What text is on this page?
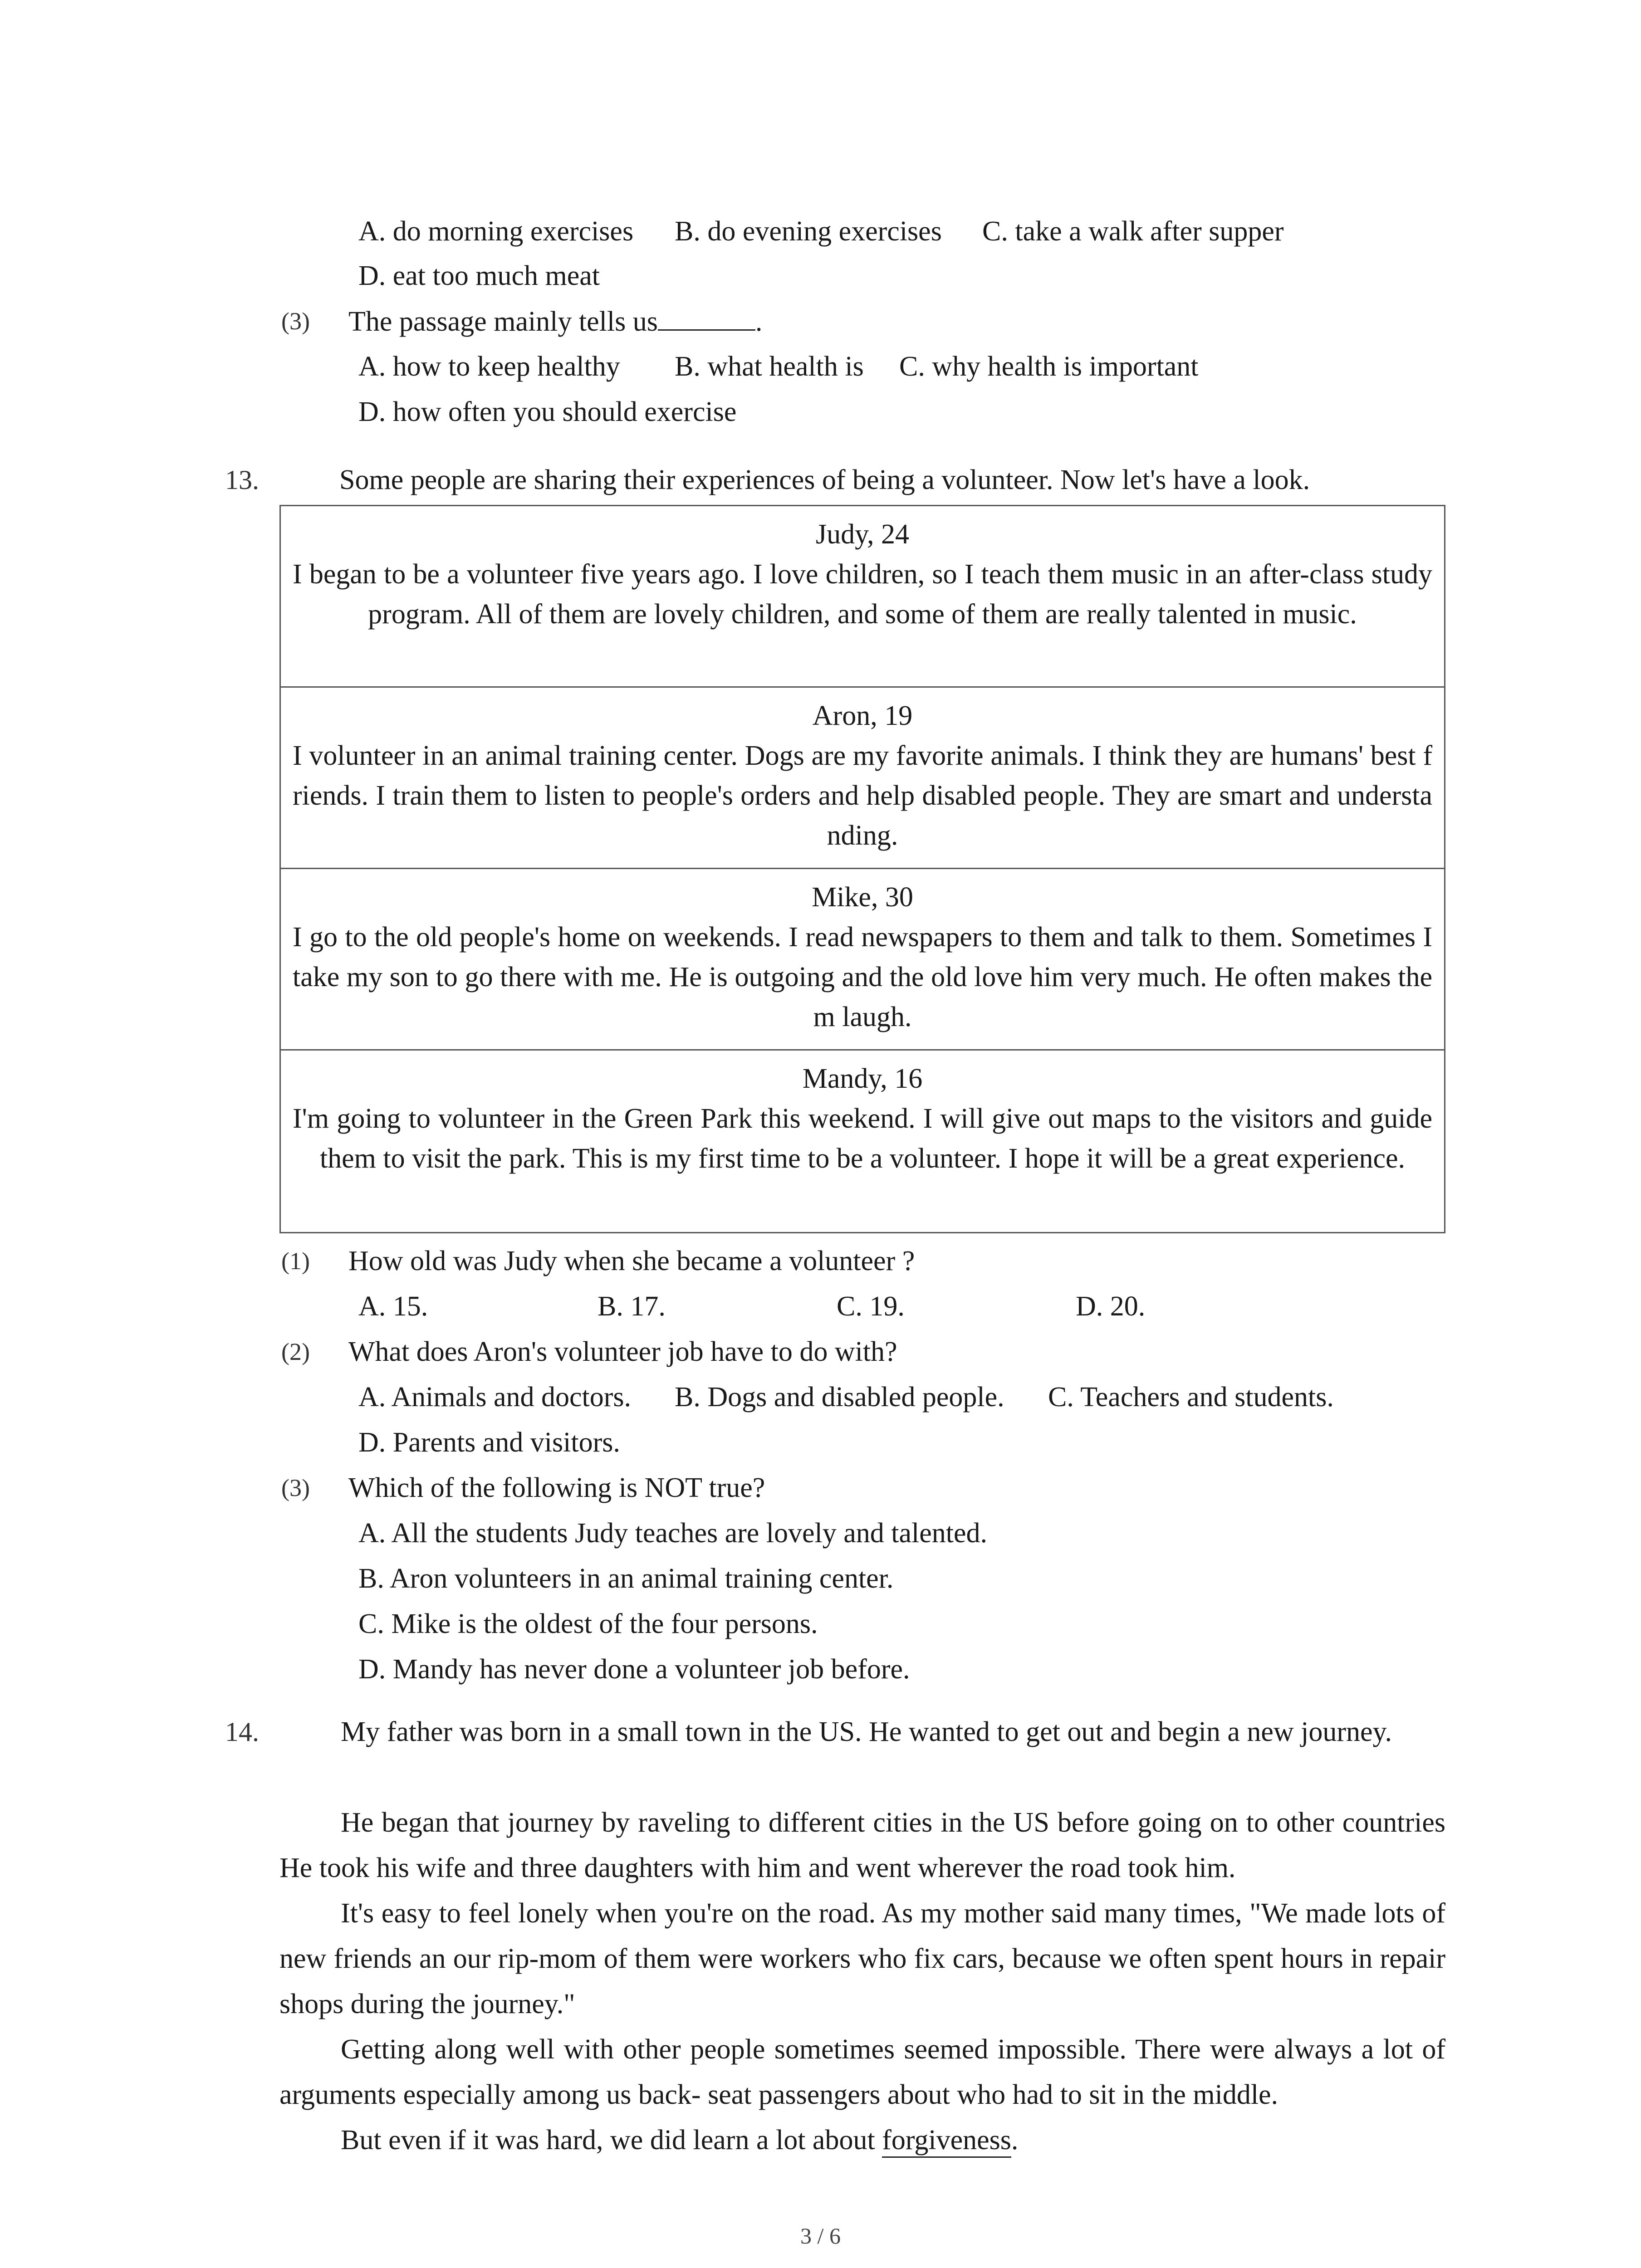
A. do morning exercises B. do evening exercises C. take a walk after supper
D. eat too much meat
(3) The passage mainly tells us	.
A. how to keep healthy B. what health is C. why health is important
D. how often you should exercise
13.	Some people are sharing their experiences of being a volunteer. Now let's have a look.
Judy, 24
I began to be a volunteer five years ago. I love children, so I teach them music in an after-class study program. All of them are lovely children, and some of them are really talented in music.
Aron, 19
I volunteer in an animal training center. Dogs are my favorite animals. I think they are humans' best friends. I train them to listen to people's orders and help disabled people. They are smart and understanding.
Mike, 30
I go to the old people's home on weekends. I read newspapers to them and talk to them. Sometimes I take my son to go there with me. He is outgoing and the old love him very much. He often makes them laugh.
Mandy, 16
I'm going to volunteer in the Green Park this weekend. I will give out maps to the visitors and guide them to visit the park. This is my first time to be a volunteer. I hope it will be a great experience.
(1) How old was Judy when she became a volunteer ?
A. 15.	B. 17.	C. 19.	D. 20.
(2) What does Aron's volunteer job have to do with?
A. Animals and doctors. B. Dogs and disabled people. C. Teachers and students.
D. Parents and visitors.
(3) Which of the following is NOT true?
A. All the students Judy teaches are lovely and talented.
B. Aron volunteers in an animal training center.
C. Mike is the oldest of the four persons.
D. Mandy has never done a volunteer job before.
14.	My father was born in a small town in the US. He wanted to get out and begin a new journey.
He began that journey by raveling to different cities in the US before going on to other countries He took his wife and three daughters with him and went wherever the road took him.
It's easy to feel lonely when you're on the road. As my mother said many times, "We made lots of new friends an our rip-mom of them were workers who fix cars, because we often spent hours in repair shops during the journey."
Getting along well with other people sometimes seemed impossible. There were always a lot of arguments especially among us back- seat passengers about who had to sit in the middle.
But even if it was hard, we did learn a lot about forgiveness.
3 / 6
